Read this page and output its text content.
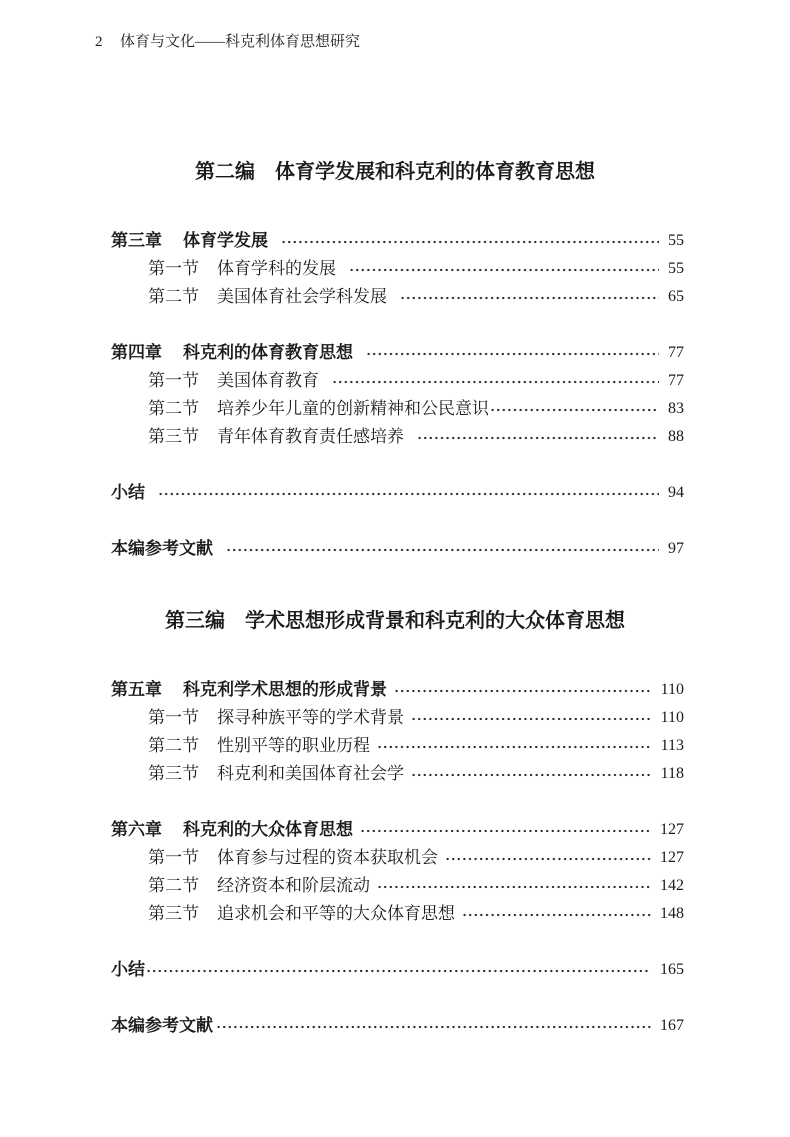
2	体育与文化——科克利体育思想研究
第二编　体育学发展和科克利的体育教育思想
第三章	体育学发展	55
第一节	体育学科的发展	55
第二节	美国体育社会学科发展	65
第四章	科克利的体育教育思想	77
第一节	美国体育教育	77
第二节	培养少年儿童的创新精神和公民意识	83
第三节	青年体育教育责任感培养	88
小结	94
本编参考文献	97
第三编　学术思想形成背景和科克利的大众体育思想
第五章	科克利学术思想的形成背景	110
第一节	探寻种族平等的学术背景	110
第二节	性别平等的职业历程	113
第三节	科克利和美国体育社会学	118
第六章	科克利的大众体育思想	127
第一节	体育参与过程的资本获取机会	127
第二节	经济资本和阶层流动	142
第三节	追求机会和平等的大众体育思想	148
小结	165
本编参考文献	167
